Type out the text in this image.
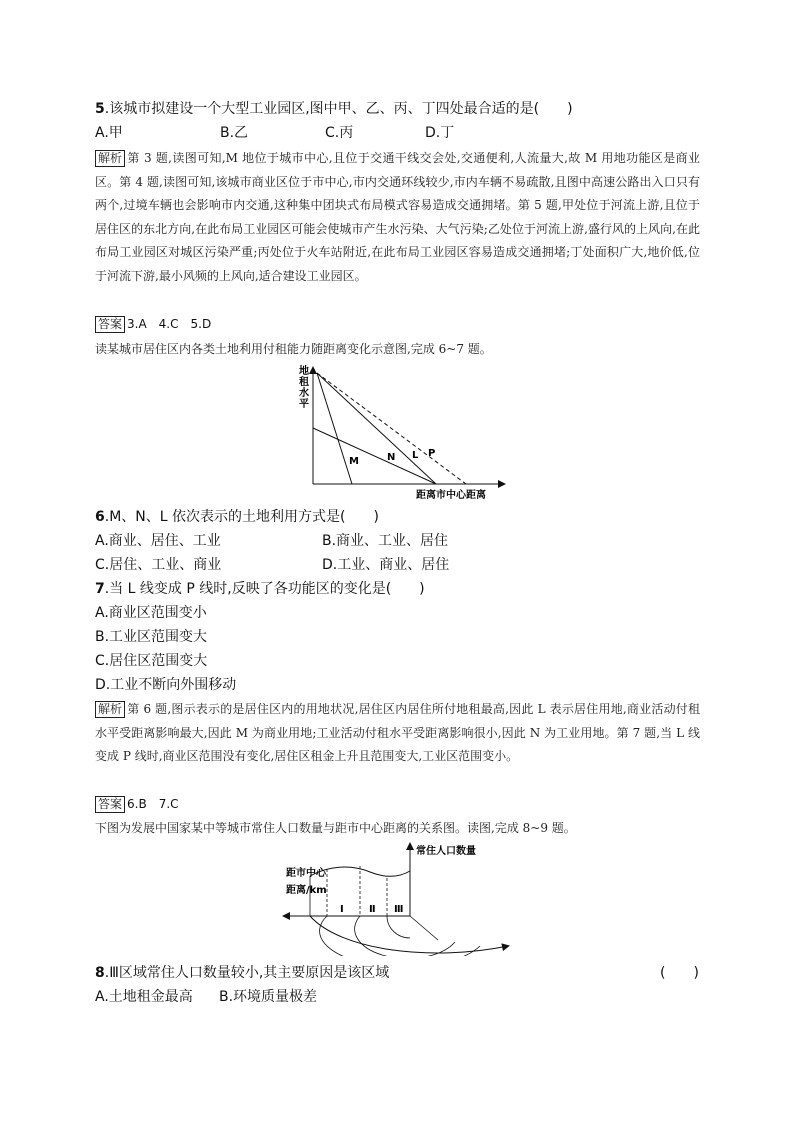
5.该城市拟建设一个大型工业园区,图中甲、乙、丙、丁四处最合适的是(　　)
A.甲	B.乙	C.丙	D.丁
解析 第 3 题,读图可知,M 地位于城市中心,且位于交通干线交会处,交通便利,人流量大,故 M 用地功能区是商业区。第 4 题,读图可知,该城市商业区位于市中心,市内交通环线较少,市内车辆不易疏散,且图中高速公路出入口只有两个,过境车辆也会影响市内交通,这种集中团块式布局模式容易造成交通拥堵。第 5 题,甲处位于河流上游,且位于居住区的东北方向,在此布局工业园区可能会使城市产生水污染、大气污染;乙处位于河流上游,盛行风的上风向,在此布局工业园区对城区污染严重;丙处位于火车站附近,在此布局工业园区容易造成交通拥堵;丁处面积广大,地价低,位于河流下游,最小风频的上风向,适合建设工业园区。
答案 3.A　4.C　5.D
读某城市居住区内各类土地利用付租能力随距离变化示意图,完成 6~7 题。
地租水平
距离市中心距离
M	N L P
6.M、N、L 依次表示的土地利用方式是(　　)
A.商业、居住、工业	B.商业、工业、居住
C.居住、工业、商业	D.工业、商业、居住
7.当 L 线变成 P 线时,反映了各功能区的变化是(　　)
A.商业区范围变小
B.工业区范围变大
C.居住区范围变大
D.工业不断向外围移动
解析 第 6 题,图示表示的是居住区内的用地状况,居住区内居住所付地租最高,因此 L 表示居住用地,商业活动付租水平受距离影响最大,因此 M 为商业用地;工业活动付租水平受距离影响很小,因此 N 为工业用地。第 7 题,当 L 线变成 P 线时,商业区范围没有变化,居住区租金上升且范围变大,工业区范围变小。
答案 6.B　7.C
下图为发展中国家某中等城市常住人口数量与距市中心距离的关系图。读图,完成 8~9 题。
常住人口数量
距市中心
距离/km
Ⅰ	Ⅱ Ⅲ
8.Ⅲ区域常住人口数量较小,其主要原因是该区域	(　　)
A.土地租金最高 B.环境质量极差
